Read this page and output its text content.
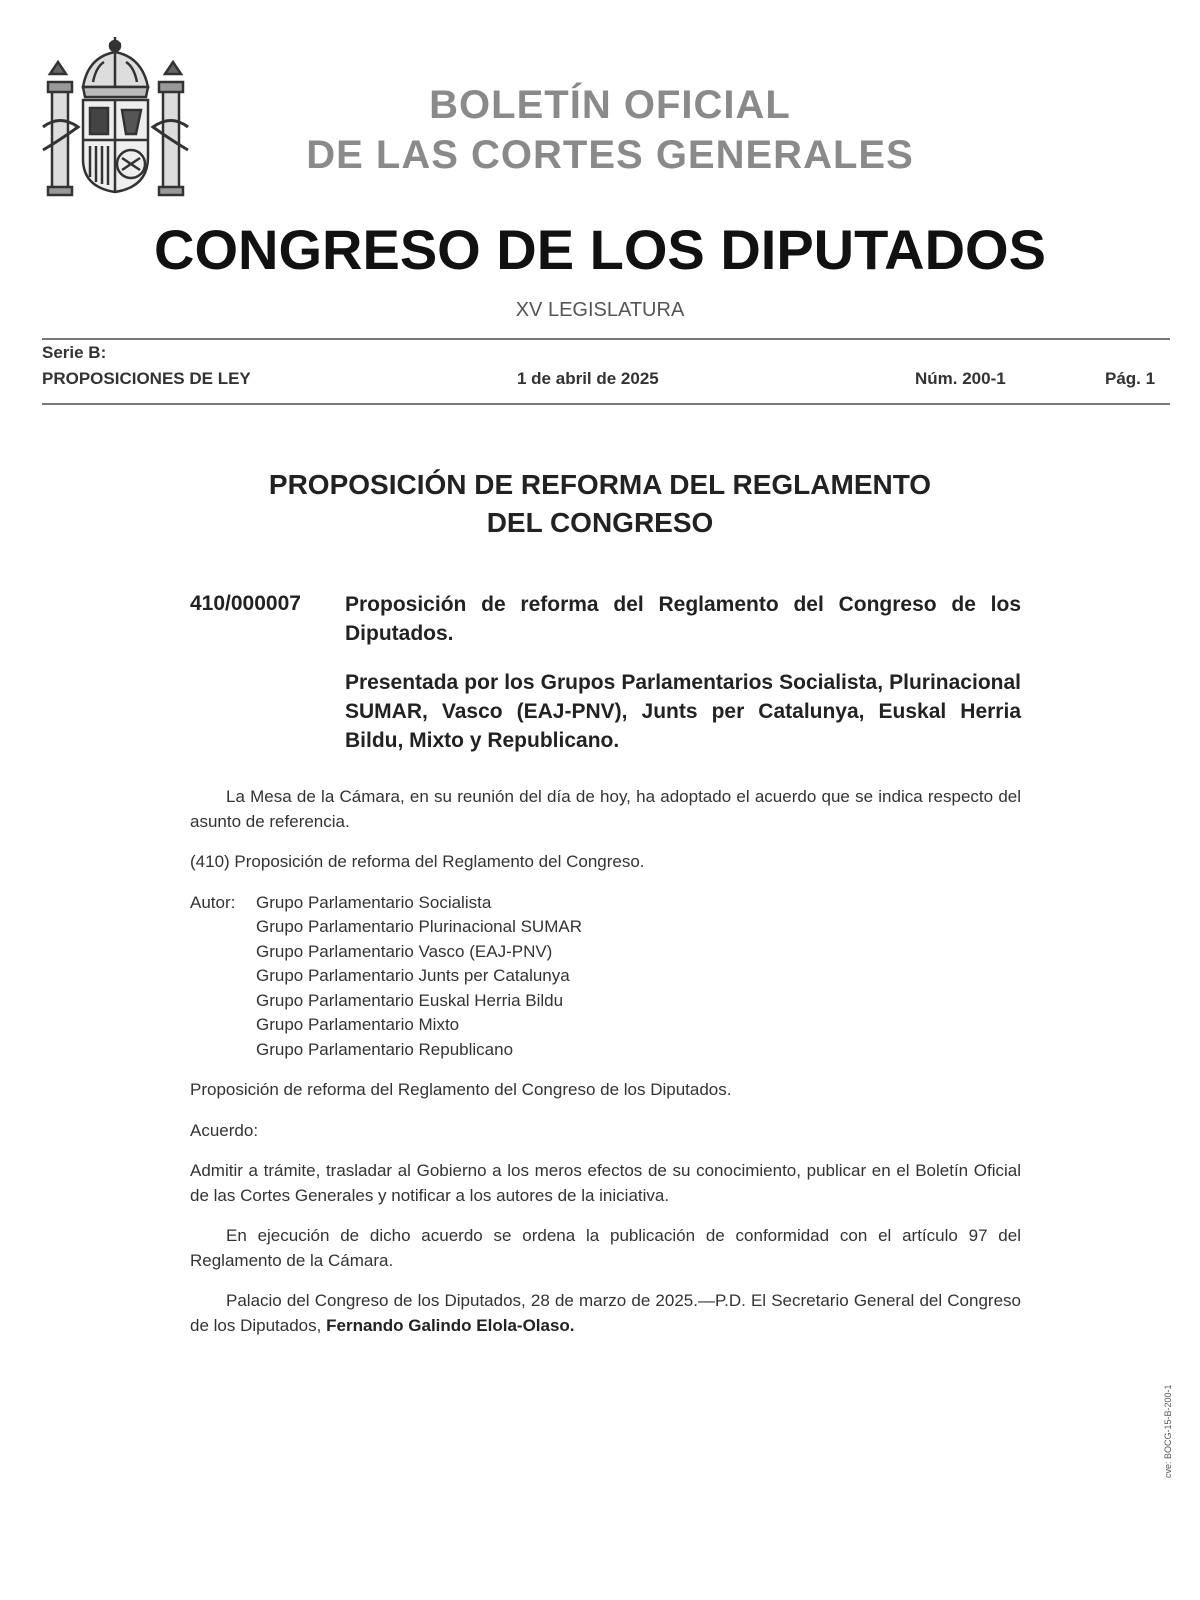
BOLETÍN OFICIAL
DE LAS CORTES GENERALES
CONGRESO DE LOS DIPUTADOS
XV LEGISLATURA
Serie B:
PROPOSICIONES DE LEY	1 de abril de 2025	Núm. 200-1	Pág. 1
PROPOSICIÓN DE REFORMA DEL REGLAMENTO
DEL CONGRESO
410/000007 Proposición de reforma del Reglamento del Congreso de los Diputados.

Presentada por los Grupos Parlamentarios Socialista, Plurinacional SUMAR, Vasco (EAJ-PNV), Junts per Catalunya, Euskal Herria Bildu, Mixto y Republicano.

La Mesa de la Cámara, en su reunión del día de hoy, ha adoptado el acuerdo que se indica respecto del asunto de referencia.

(410) Proposición de reforma del Reglamento del Congreso.

Autor:	Grupo Parlamentario Socialista
Grupo Parlamentario Plurinacional SUMAR
Grupo Parlamentario Vasco (EAJ-PNV)
Grupo Parlamentario Junts per Catalunya
Grupo Parlamentario Euskal Herria Bildu
Grupo Parlamentario Mixto
Grupo Parlamentario Republicano

Proposición de reforma del Reglamento del Congreso de los Diputados.

Acuerdo:

Admitir a trámite, trasladar al Gobierno a los meros efectos de su conocimiento, publicar en el Boletín Oficial de las Cortes Generales y notificar a los autores de la iniciativa.

En ejecución de dicho acuerdo se ordena la publicación de conformidad con el artículo 97 del Reglamento de la Cámara.

Palacio del Congreso de los Diputados, 28 de marzo de 2025.—P.D. El Secretario General del Congreso de los Diputados, Fernando Galindo Elola-Olaso.

cve: BOCG-15-B-200-1
